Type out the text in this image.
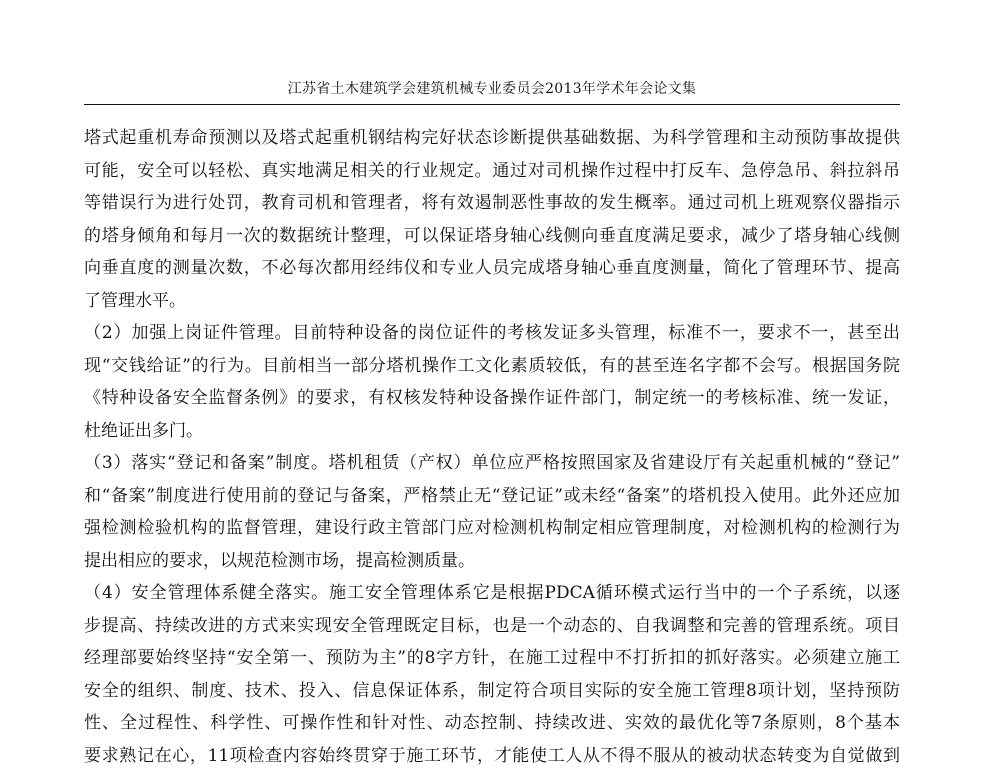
江苏省土木建筑学会建筑机械专业委员会2013年学术年会论文集
塔式起重机寿命预测以及塔式起重机钢结构完好状态诊断提供基础数据、为科学管理和主动预防事故提供
可能，安全可以轻松、真实地满足相关的行业规定。通过对司机操作过程中打反车、急停急吊、斜拉斜吊
等错误行为进行处罚，教育司机和管理者，将有效遏制恶性事故的发生概率。通过司机上班观察仪器指示
的塔身倾角和每月一次的数据统计整理，可以保证塔身轴心线侧向垂直度满足要求，减少了塔身轴心线侧
向垂直度的测量次数，不必每次都用经纬仪和专业人员完成塔身轴心垂直度测量，简化了管理环节、提高
了管理水平。
（2）加强上岗证件管理。目前特种设备的岗位证件的考核发证多头管理，标准不一，要求不一，甚至出
现“交钱给证”的行为。目前相当一部分塔机操作工文化素质较低，有的甚至连名字都不会写。根据国务院
《特种设备安全监督条例》的要求，有权核发特种设备操作证件部门，制定统一的考核标准、统一发证，
杜绝证出多门。
（3）落实“登记和备案”制度。塔机租赁（产权）单位应严格按照国家及省建设厅有关起重机械的“登记”
和“备案”制度进行使用前的登记与备案，严格禁止无“登记证”或未经“备案”的塔机投入使用。此外还应加
强检测检验机构的监督管理，建设行政主管部门应对检测机构制定相应管理制度，对检测机构的检测行为
提出相应的要求，以规范检测市场，提高检测质量。
（4）安全管理体系健全落实。施工安全管理体系它是根据PDCA循环模式运行当中的一个子系统，以逐
步提高、持续改进的方式来实现安全管理既定目标，也是一个动态的、自我调整和完善的管理系统。项目
经理部要始终坚持“安全第一、预防为主”的8字方针，在施工过程中不打折扣的抓好落实。必须建立施工
安全的组织、制度、技术、投入、信息保证体系，制定符合项目实际的安全施工管理8项计划，坚持预防
性、全过程性、科学性、可操作性和针对性、动态控制、持续改进、实效的最优化等7条原则，8个基本
要求熟记在心，11项检查内容始终贯穿于施工环节，才能使工人从不得不服从的被动状态转变为自觉做到
